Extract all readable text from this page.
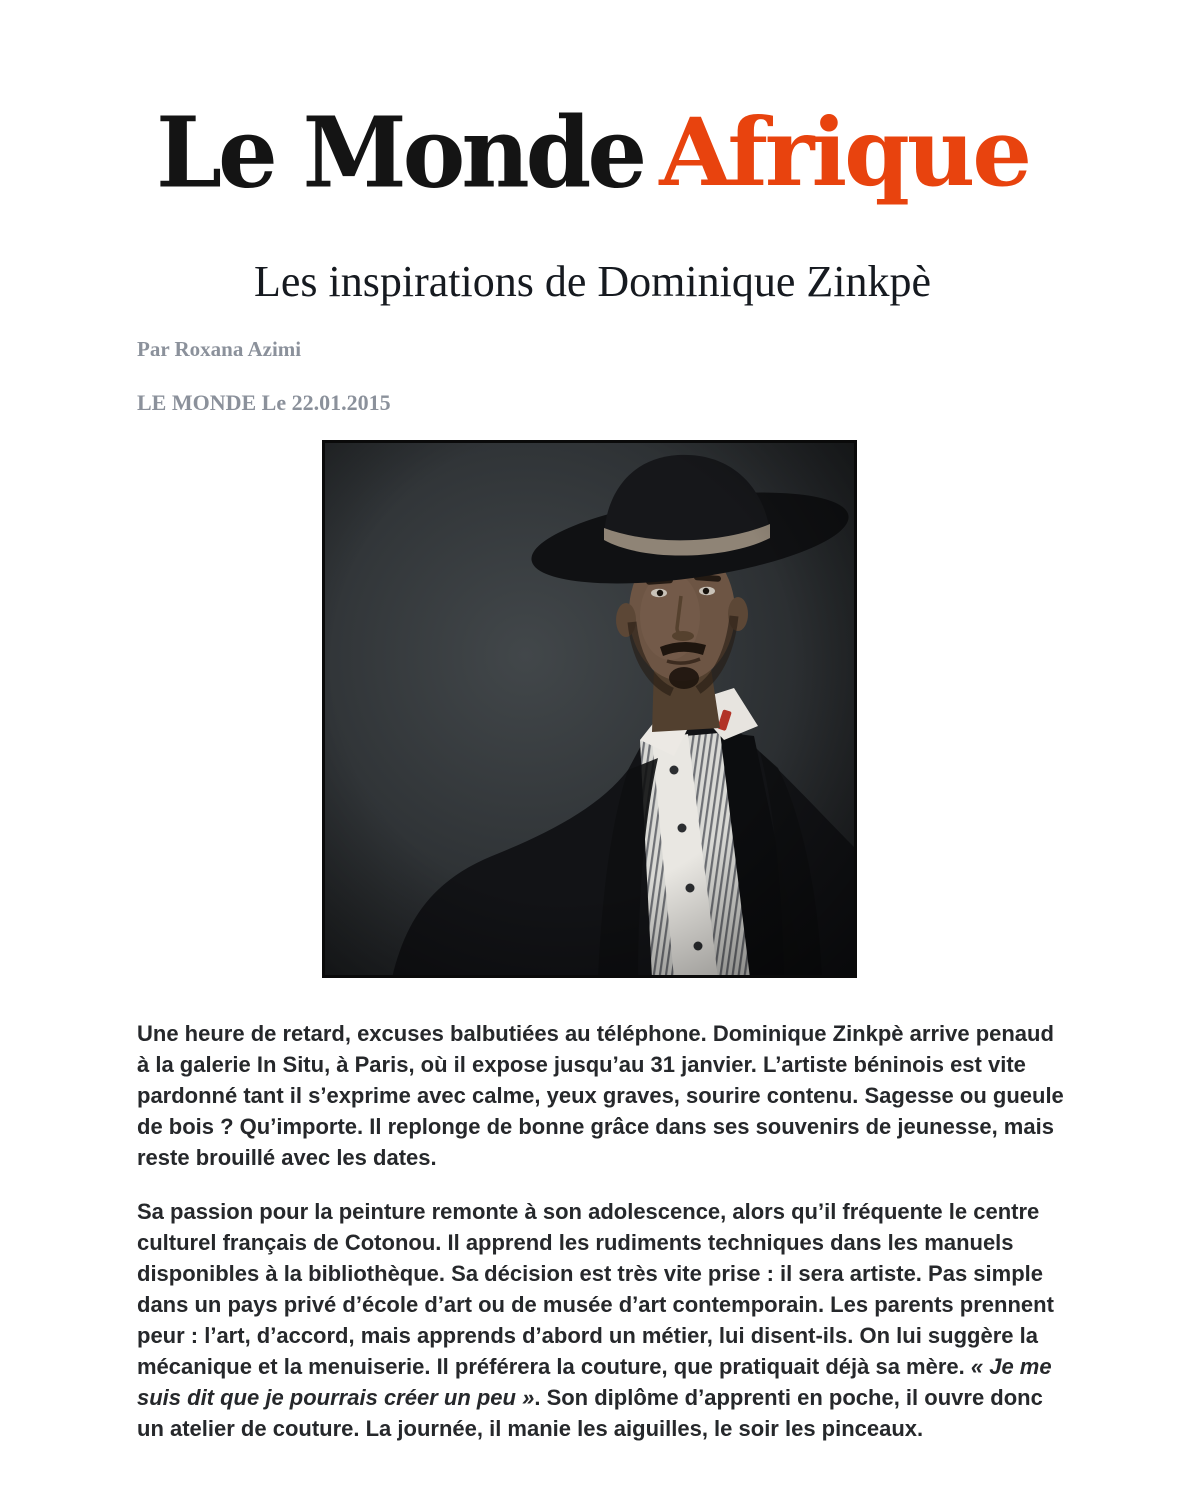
Le Monde Afrique
Les inspirations de Dominique Zinkpè

Par Roxana Azimi

LE MONDE Le 22.01.2015

Une heure de retard, excuses balbutiées au téléphone. Dominique Zinkpè arrive penaud à la galerie In Situ, à Paris, où il expose jusqu’au 31 janvier. L’artiste béninois est vite pardonné tant il s’exprime avec calme, yeux graves, sourire contenu. Sagesse ou gueule de bois ? Qu’importe. Il replonge de bonne grâce dans ses souvenirs de jeunesse, mais reste brouillé avec les dates.

Sa passion pour la peinture remonte à son adolescence, alors qu’il fréquente le centre culturel français de Cotonou. Il apprend les rudiments techniques dans les manuels disponibles à la bibliothèque. Sa décision est très vite prise : il sera artiste. Pas simple dans un pays privé d’école d’art ou de musée d’art contemporain. Les parents prennent peur : l’art, d’accord, mais apprends d’abord un métier, lui disent-ils. On lui suggère la mécanique et la menuiserie. Il préférera la couture, que pratiquait déjà sa mère. « Je me suis dit que je pourrais créer un peu ». Son diplôme d’apprenti en poche, il ouvre donc un atelier de couture. La journée, il manie les aiguilles, le soir les pinceaux.
